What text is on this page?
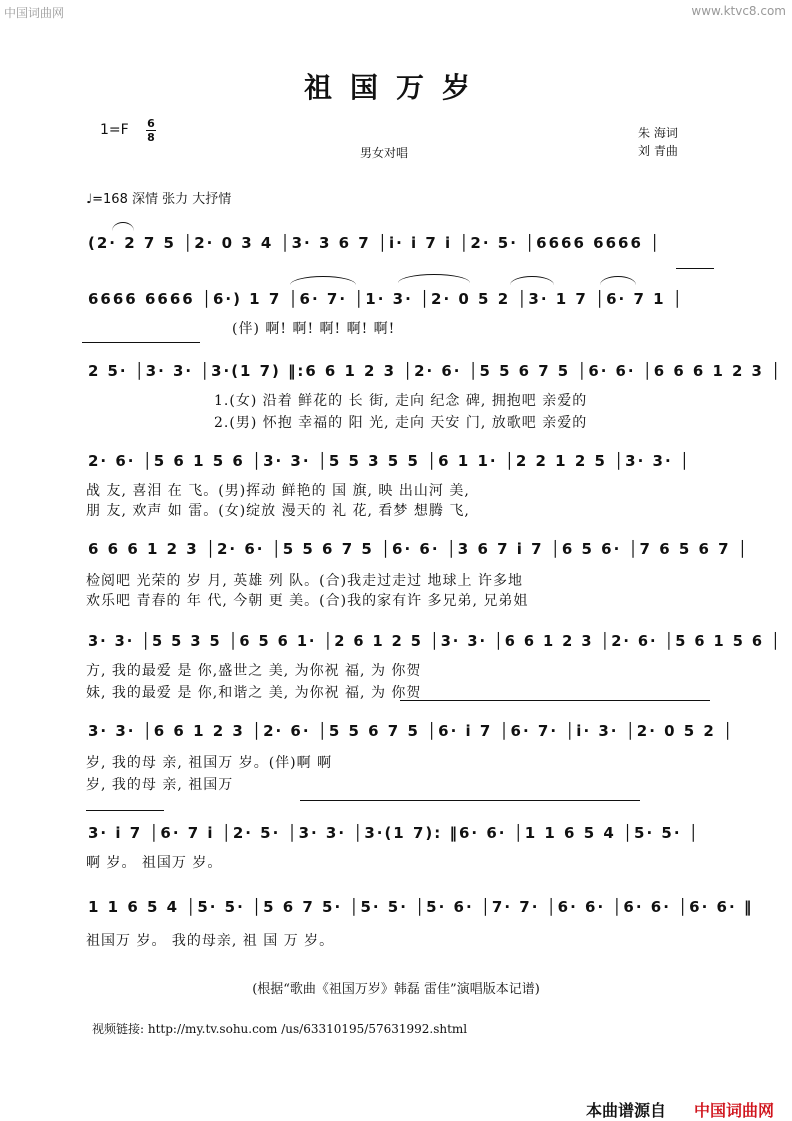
中国词曲网	www.ktvc8.com
祖国万岁
1=F 6
8
男女对唱
朱 海词
刘 青曲
♩=168 深情 张力 大抒情
(2· 2 7 5 │2· 0 3 4 │3· 3 6 7 │i· i 7 i │2· 5· │6666 6666 │
6666 6666 │6·) 1 7 │6· 7· │1· 3· │2· 0 5 2 │3· 1 7 │6· 7 1 │
2 5· │3· 3· │3·(1 7) ‖:6 6 1 2 3 │2· 6· │5 5 6 7 5 │6· 6· │6 6 6 1 2 3 │
2· 6· │5 6 1 5 6 │3· 3· │5 5 3 5 5 │6 1 1· │2 2 1 2 5 │3· 3· │
6 6 6 1 2 3 │2· 6· │5 5 6 7 5 │6· 6· │3 6 7 i 7 │6 5 6· │7 6 5 6 7 │
3· 3· │5 5 3 5 │6 5 6 1· │2 6 1 2 5 │3· 3· │6 6 1 2 3 │2· 6· │5 6 1 5 6 │
3· 3· │6 6 1 2 3 │2· 6· │5 5 6 7 5 │6· i 7 │6· 7· │i· 3· │2· 0 5 2 │
3· i 7 │6· 7 i │2· 5· │3· 3· │3·(1 7): ‖6· 6· │1 1 6 5 4 │5· 5· │
1 1 6 5 4 │5· 5· │5 6 7 5· │5· 5· │5· 6· │7· 7· │6· 6· │6· 6· │6· 6· ‖
(伴) 啊! 啊! 啊! 啊! 啊!
1.(女) 沿着 鲜花的 长 街, 走向 纪念 碑, 拥抱吧 亲爱的
2.(男) 怀抱 幸福的 阳 光, 走向 天安 门, 放歌吧 亲爱的
战 友, 喜泪 在 飞。(男)挥动 鲜艳的 国 旗, 映 出山河 美,
朋 友, 欢声 如 雷。(女)绽放 漫天的 礼 花, 看梦 想腾 飞,
检阅吧 光荣的 岁 月, 英雄 列 队。(合)我走过走过 地球上 许多地
欢乐吧 青春的 年 代, 今朝 更 美。(合)我的家有许 多兄弟, 兄弟姐
方, 我的最爱 是 你,盛世之 美, 为你祝 福, 为 你贺
妹, 我的最爱 是 你,和谐之 美, 为你祝 福, 为 你贺
岁, 我的母 亲, 祖国万 岁。(伴)啊 啊
岁, 我的母 亲, 祖国万
啊 岁。 祖国万 岁。
祖国万 岁。 我的母亲, 祖 国 万 岁。
(根据“歌曲《祖国万岁》韩磊 雷佳”演唱版本记谱)
视频链接: http://my.tv.sohu.com /us/63310195/57631992.shtml
本曲谱源自 中国词曲网
